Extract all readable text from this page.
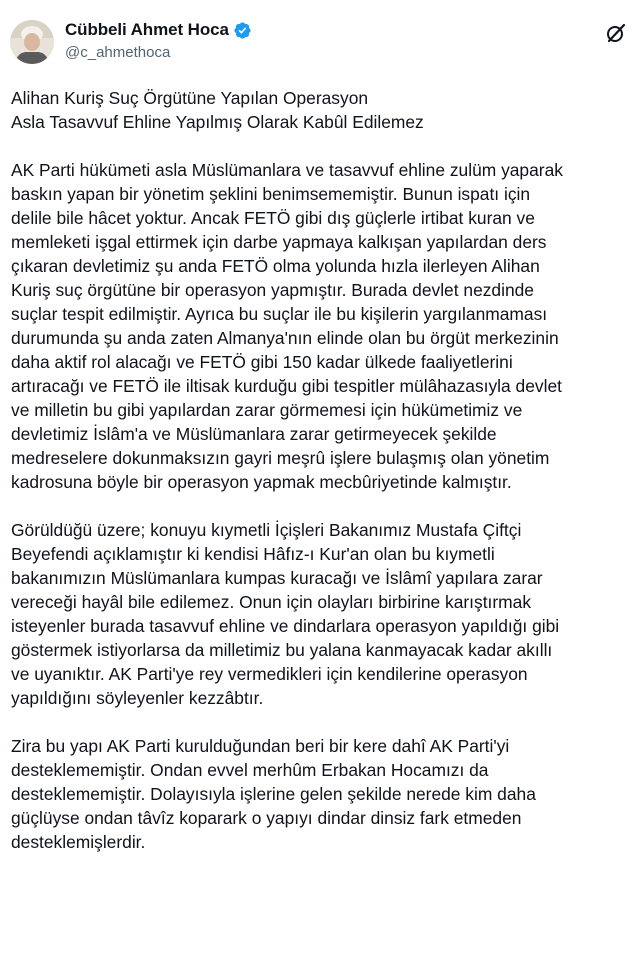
Cübbeli Ahmet Hoca
@c_ahmethoca
Alihan Kuriş Suç Örgütüne Yapılan Operasyon
Asla Tasavvuf Ehline Yapılmış Olarak Kabûl Edilemez
AK Parti hükümeti asla Müslümanlara ve tasavvuf ehline zulüm yaparak
baskın yapan bir yönetim şeklini benimsememiştir. Bunun ispatı için
delile bile hâcet yoktur. Ancak FETÖ gibi dış güçlerle irtibat kuran ve
memleketi işgal ettirmek için darbe yapmaya kalkışan yapılardan ders
çıkaran devletimiz şu anda FETÖ olma yolunda hızla ilerleyen Alihan
Kuriş suç örgütüne bir operasyon yapmıştır. Burada devlet nezdinde
suçlar tespit edilmiştir. Ayrıca bu suçlar ile bu kişilerin yargılanmaması
durumunda şu anda zaten Almanya'nın elinde olan bu örgüt merkezinin
daha aktif rol alacağı ve FETÖ gibi 150 kadar ülkede faaliyetlerini
artıracağı ve FETÖ ile iltisak kurduğu gibi tespitler mülâhazasıyla devlet
ve milletin bu gibi yapılardan zarar görmemesi için hükümetimiz ve
devletimiz İslâm'a ve Müslümanlara zarar getirmeyecek şekilde
medreselere dokunmaksızın gayri meşrû işlere bulaşmış olan yönetim
kadrosuna böyle bir operasyon yapmak mecbûriyetinde kalmıştır.
Görüldüğü üzere; konuyu kıymetli İçişleri Bakanımız Mustafa Çiftçi
Beyefendi açıklamıştır ki kendisi Hâfız-ı Kur'an olan bu kıymetli
bakanımızın Müslümanlara kumpas kuracağı ve İslâmî yapılara zarar
vereceği hayâl bile edilemez. Onun için olayları birbirine karıştırmak
isteyenler burada tasavvuf ehline ve dindarlara operasyon yapıldığı gibi
göstermek istiyorlarsa da milletimiz bu yalana kanmayacak kadar akıllı
ve uyanıktır. AK Parti'ye rey vermedikleri için kendilerine operasyon
yapıldığını söyleyenler kezzâbtır.
Zira bu yapı AK Parti kurulduğundan beri bir kere dahî AK Parti'yi
desteklememiştir. Ondan evvel merhûm Erbakan Hocamızı da
desteklememiştir. Dolayısıyla işlerine gelen şekilde nerede kim daha
güçlüyse ondan tâvîz koparark o yapıyı dindar dinsiz fark etmeden
desteklemişlerdir.
